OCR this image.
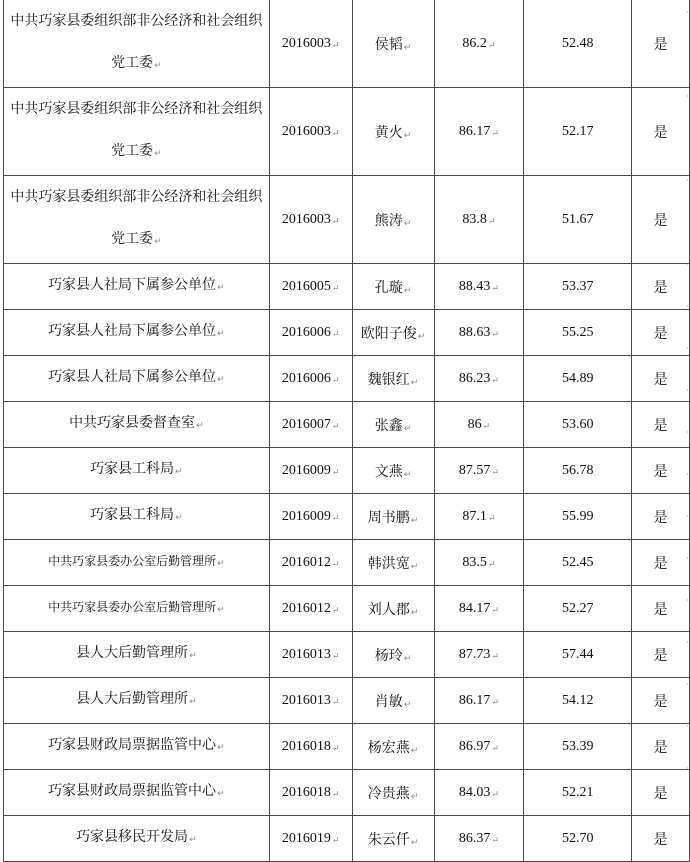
中共巧家县委组织部非公经济和社会组织党工委↵	2016003↵	侯韬↵	86.2↵	52.48	是
中共巧家县委组织部非公经济和社会组织党工委↵	2016003↵	黄火↵	86.17↵	52.17	是
中共巧家县委组织部非公经济和社会组织党工委↵	2016003↵	熊涛↵	83.8↵	51.67	是
巧家县人社局下属参公单位↵	2016005↵	孔璇↵	88.43↵	53.37	是
巧家县人社局下属参公单位↵	2016006↵	欧阳子俊↵	88.63↵	55.25	是
巧家县人社局下属参公单位↵	2016006↵	魏银红↵	86.23↵	54.89	是
中共巧家县委督查室↵	2016007↵	张鑫↵	86↵	53.60	是
巧家县工科局↵	2016009↵	文燕↵	87.57↵	56.78	是
巧家县工科局↵	2016009↵	周书鹏↵	87.1↵	55.99	是
中共巧家县委办公室后勤管理所↵	2016012↵	韩洪宽↵	83.5↵	52.45	是
中共巧家县委办公室后勤管理所↵	2016012↵	刘人郡↵	84.17↵	52.27	是
县人大后勤管理所↵	2016013↵	杨玲↵	87.73↵	57.44	是
县人大后勤管理所↵	2016013↵	肖敏↵	86.17↵	54.12	是
巧家县财政局票据监管中心↵	2016018↵	杨宏燕↵	86.97↵	53.39	是
巧家县财政局票据监管中心↵	2016018↵	冷贵燕↵	84.03↵	52.21	是
巧家县移民开发局↵	2016019↵	朱云仟↵	86.37↵	52.70	是
·
·
·
·
·
·
·
·
·
·
·
·
·
·
·
·
